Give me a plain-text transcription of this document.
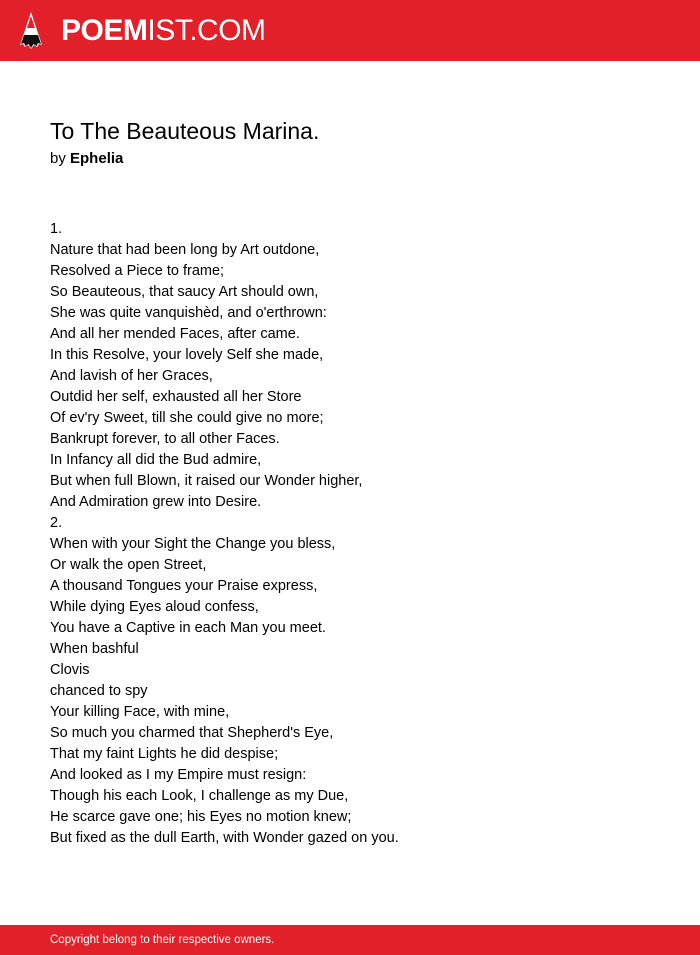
POEMIST.COM
To The Beauteous Marina.
by Ephelia
1.
Nature that had been long by Art outdone,
Resolved a Piece to frame;
So Beauteous, that saucy Art should own,
She was quite vanquishèd, and o'erthrown:
And all her mended Faces, after came.
In this Resolve, your lovely Self she made,
And lavish of her Graces,
Outdid her self, exhausted all her Store
Of ev'ry Sweet, till she could give no more;
Bankrupt forever, to all other Faces.
In Infancy all did the Bud admire,
But when full Blown, it raised our Wonder higher,
And Admiration grew into Desire.
2.
When with your Sight the Change you bless,
Or walk the open Street,
A thousand Tongues your Praise express,
While dying Eyes aloud confess,
You have a Captive in each Man you meet.
When bashful
Clovis
chanced to spy
Your killing Face, with mine,
So much you charmed that Shepherd's Eye,
That my faint Lights he did despise;
And looked as I my Empire must resign:
Though his each Look, I challenge as my Due,
He scarce gave one; his Eyes no motion knew;
But fixed as the dull Earth, with Wonder gazed on you.
Copyright belong to their respective owners.
